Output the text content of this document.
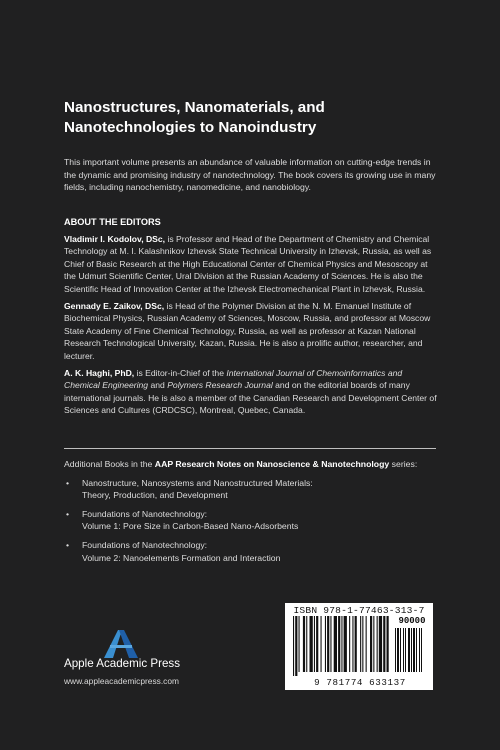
Nanostructures, Nanomaterials, and
Nanotechnologies to Nanoindustry
This important volume presents an abundance of valuable information on cutting-edge trends in the dynamic and promising industry of nanotechnology. The book covers its growing use in many fields, including nanochemistry, nanomedicine, and nanobiology.
ABOUT THE EDITORS
Vladimir I. Kodolov, DSc, is Professor and Head of the Department of Chemistry and Chemical Technology at M. I. Kalashnikov Izhevsk State Technical University in Izhevsk, Russia, as well as Chief of Basic Research at the High Educational Center of Chemical Physics and Mesoscopy at the Udmurt Scientific Center, Ural Division at the Russian Academy of Sciences. He is also the Scientific Head of Innovation Center at the Izhevsk Electromechanical Plant in Izhevsk, Russia.
Gennady E. Zaikov, DSc, is Head of the Polymer Division at the N. M. Emanuel Institute of Biochemical Physics, Russian Academy of Sciences, Moscow, Russia, and professor at Moscow State Academy of Fine Chemical Technology, Russia, as well as professor at Kazan National Research Technological University, Kazan, Russia. He is also a prolific author, researcher, and lecturer.
A. K. Haghi, PhD, is Editor-in-Chief of the International Journal of Chemoinformatics and Chemical Engineering and Polymers Research Journal and on the editorial boards of many international journals. He is also a member of the Canadian Research and Development Center of Sciences and Cultures (CRDCSC), Montreal, Quebec, Canada.
Additional Books in the AAP Research Notes on Nanoscience & Nanotechnology series:
• Nanostructure, Nanosystems and Nanostructured Materials:
Theory, Production, and Development
• Foundations of Nanotechnology:
Volume 1: Pore Size in Carbon-Based Nano-Adsorbents
• Foundations of Nanotechnology:
Volume 2: Nanoelements Formation and Interaction
Apple Academic Press
www.appleacademicpress.com
ISBN 978-1-77463-313-7
90000
9 781774 633137
